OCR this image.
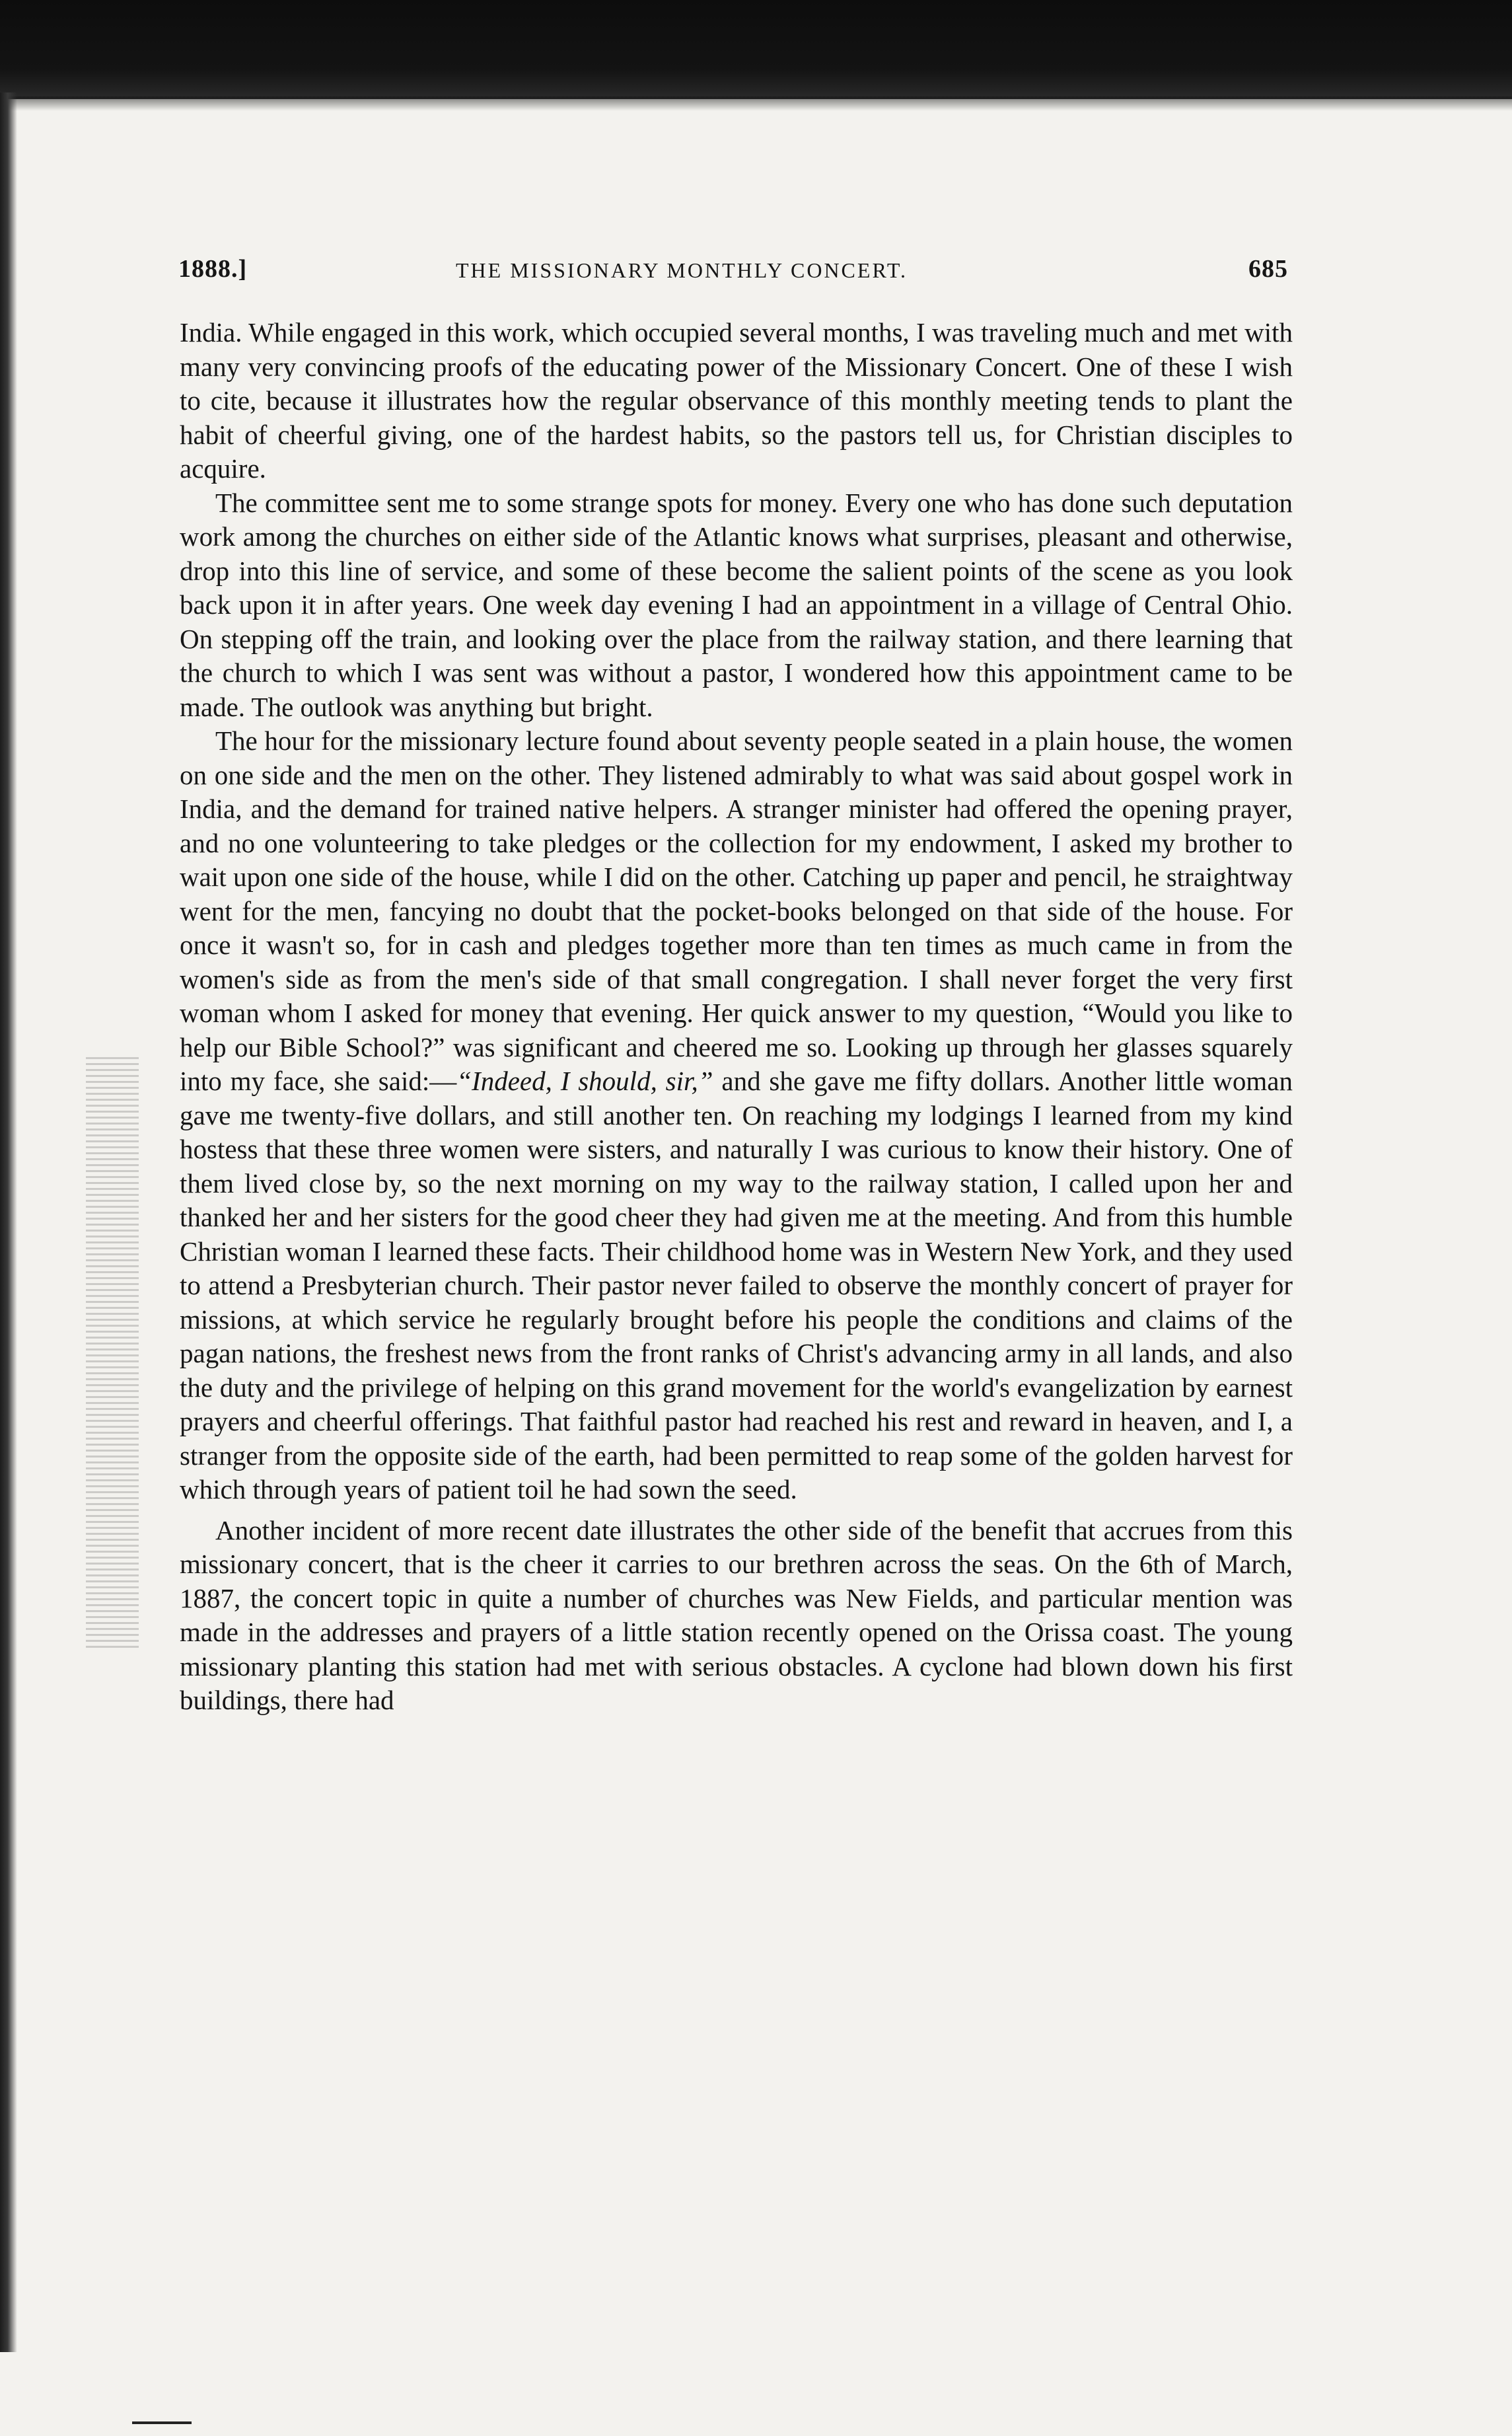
1888.]	THE MISSIONARY MONTHLY CONCERT.	685

India. While engaged in this work, which occupied several months, I was traveling much and met with many very convincing proofs of the educating power of the Missionary Concert. One of these I wish to cite, because it illustrates how the regular observance of this monthly meeting tends to plant the habit of cheerful giving, one of the hardest habits, so the pastors tell us, for Christian disciples to acquire.

The committee sent me to some strange spots for money. Every one who has done such deputation work among the churches on either side of the Atlantic knows what surprises, pleasant and otherwise, drop into this line of service, and some of these become the salient points of the scene as you look back upon it in after years. One week day evening I had an appointment in a village of Central Ohio. On stepping off the train, and looking over the place from the railway station, and there learning that the church to which I was sent was without a pastor, I wondered how this appointment came to be made. The outlook was anything but bright.

The hour for the missionary lecture found about seventy people seated in a plain house, the women on one side and the men on the other. They listened admirably to what was said about gospel work in India, and the demand for trained native helpers. A stranger minister had offered the opening prayer, and no one volunteering to take pledges or the collection for my endowment, I asked my brother to wait upon one side of the house, while I did on the other. Catching up paper and pencil, he straightway went for the men, fancying no doubt that the pocket-books belonged on that side of the house. For once it wasn't so, for in cash and pledges together more than ten times as much came in from the women's side as from the men's side of that small congregation. I shall never forget the very first woman whom I asked for money that evening. Her quick answer to my question, “Would you like to help our Bible School?” was significant and cheered me so. Looking up through her glasses squarely into my face, she said:—“Indeed, I should, sir,” and she gave me fifty dollars. Another little woman gave me twenty-five dollars, and still another ten. On reaching my lodgings I learned from my kind hostess that these three women were sisters, and naturally I was curious to know their history. One of them lived close by, so the next morning on my way to the railway station, I called upon her and thanked her and her sisters for the good cheer they had given me at the meeting. And from this humble Christian woman I learned these facts. Their childhood home was in Western New York, and they used to attend a Presbyterian church. Their pastor never failed to observe the monthly concert of prayer for missions, at which service he regularly brought before his people the conditions and claims of the pagan nations, the freshest news from the front ranks of Christ's advancing army in all lands, and also the duty and the privilege of helping on this grand movement for the world's evangelization by earnest prayers and cheerful offerings. That faithful pastor had reached his rest and reward in heaven, and I, a stranger from the opposite side of the earth, had been permitted to reap some of the golden harvest for which through years of patient toil he had sown the seed.

Another incident of more recent date illustrates the other side of the benefit that accrues from this missionary concert, that is the cheer it carries to our brethren across the seas. On the 6th of March, 1887, the concert topic in quite a number of churches was New Fields, and particular mention was made in the addresses and prayers of a little station recently opened on the Orissa coast. The young missionary planting this station had met with serious obstacles. A cyclone had blown down his first buildings, there had
